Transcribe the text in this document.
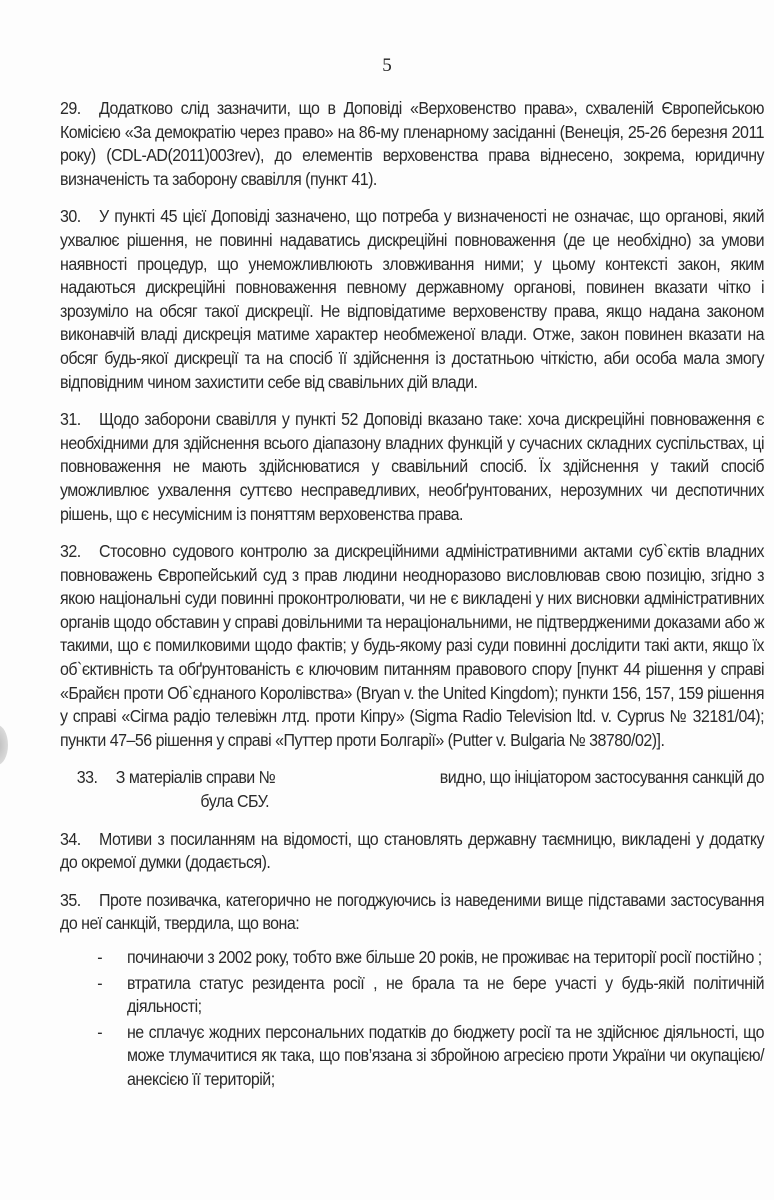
5

29. Додатково слід зазначити, що в Доповіді «Верховенство права», схваленій Європейською Комісією «За демократію через право» на 86-му пленарному засіданні (Венеція, 25-26 березня 2011 року) (CDL-AD(2011)003rev), до елементів верховенства права віднесено, зокрема, юридичну визначеність та заборону свавілля (пункт 41).

30. У пункті 45 цієї Доповіді зазначено, що потреба у визначеності не означає, що органові, який ухвалює рішення, не повинні надаватись дискреційні повноваження (де це необхідно) за умови наявності процедур, що унеможливлюють зловживання ними; у цьому контексті закон, яким надаються дискреційні повноваження певному державному органові, повинен вказати чітко і зрозуміло на обсяг такої дискреції. Не відповідатиме верховенству права, якщо надана законом виконавчій владі дискреція матиме характер необмеженої влади. Отже, закон повинен вказати на обсяг будь-якої дискреції та на спосіб її здійснення із достатньою чіткістю, аби особа мала змогу відповідним чином захистити себе від свавільних дій влади.

31. Щодо заборони свавілля у пункті 52 Доповіді вказано таке: хоча дискреційні повноваження є необхідними для здійснення всього діапазону владних функцій у сучасних складних суспільствах, ці повноваження не мають здійснюватися у свавільний спосіб. Їх здійснення у такий спосіб уможливлює ухвалення суттєво несправедливих, необґрунтованих, нерозумних чи деспотичних рішень, що є несумісним із поняттям верховенства права.

32. Стосовно судового контролю за дискреційними адміністративними актами суб`єктів владних повноважень Європейський суд з прав людини неодноразово висловлював свою позицію, згідно з якою національні суди повинні проконтролювати, чи не є викладені у них висновки адміністративних органів щодо обставин у справі довільними та нераціональними, не підтвердженими доказами або ж такими, що є помилковими щодо фактів; у будь-якому разі суди повинні дослідити такі акти, якщо їх об`єктивність та обґрунтованість є ключовим питанням правового спору [пункт 44 рішення у справі «Брайєн проти Об`єднаного Королівства» (Bryan v. the United Kingdom); пункти 156, 157, 159 рішення у справі «Сігма радіо телевіжн лтд. проти Кіпру» (Sigma Radio Television ltd. v. Cyprus № 32181/04); пункти 47–56 рішення у справі «Путтер проти Болгарії» (Putter v. Bulgaria № 38780/02)].

33. З матеріалів справи №	видно, що ініціатором застосування санкцій до
була СБУ.

34. Мотиви з посиланням на відомості, що становлять державну таємницю, викладені у додатку до окремої думки (додається).

35. Проте позивачка, категорично не погоджуючись із наведеними вище підставами застосування до неї санкцій, твердила, що вона:

- починаючи з 2002 року, тобто вже більше 20 років, не проживає на території росії постійно ;
- втратила статус резидента росії , не брала та не бере участі у будь-якій політичній діяльності;
- не сплачує жодних персональних податків до бюджету росії та не здійснює діяльності, що може тлумачитися як така, що пов’язана зі збройною агресією проти України чи окупацією/анексією її територій;
